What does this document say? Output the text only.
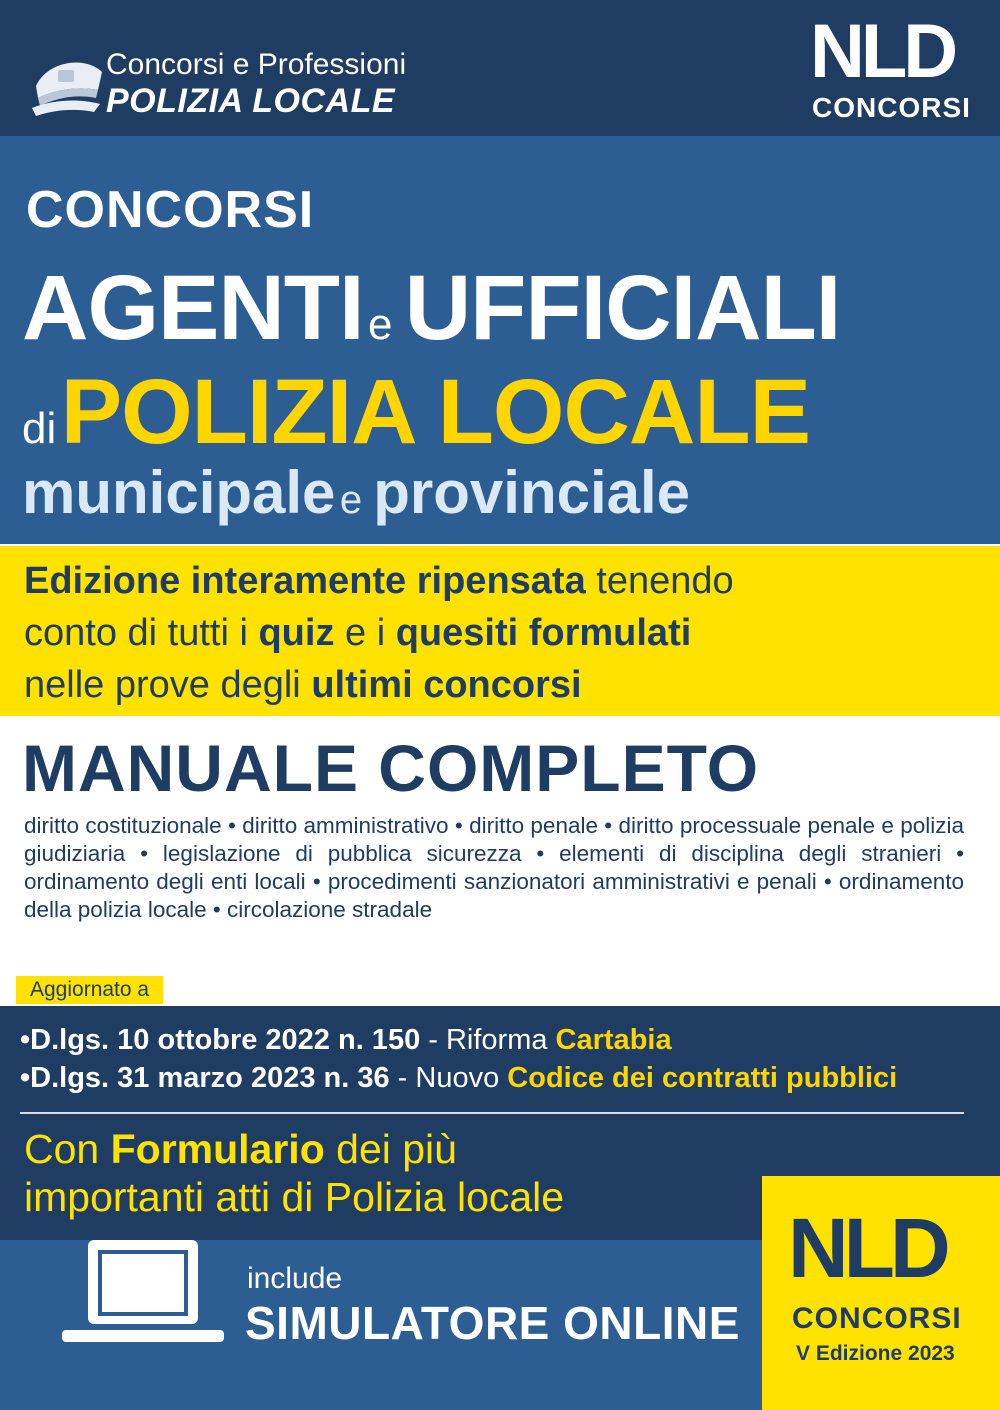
Concorsi e Professioni
POLIZIA LOCALE
NLD
CONCORSI
CONCORSI
AGENTI e UFFICIALI
di POLIZIA LOCALE
municipale e provinciale
Edizione interamente ripensata tenendo
conto di tutti i quiz e i quesiti formulati
nelle prove degli ultimi concorsi
MANUALE COMPLETO
diritto costituzionale • diritto amministrativo • diritto penale • diritto processuale penale e polizia giudiziaria • legislazione di pubblica sicurezza • elementi di disciplina degli stranieri • ordinamento degli enti locali • procedimenti sanzionatori amministrativi e penali • ordinamento della polizia locale • circolazione stradale
Aggiornato a
•D.lgs. 10 ottobre 2022 n. 150 - Riforma Cartabia
•D.lgs. 31 marzo 2023 n. 36 - Nuovo Codice dei contratti pubblici
Con Formulario dei più
importanti atti di Polizia locale
include
SIMULATORE ONLINE
NLD
CONCORSI
V Edizione 2023
